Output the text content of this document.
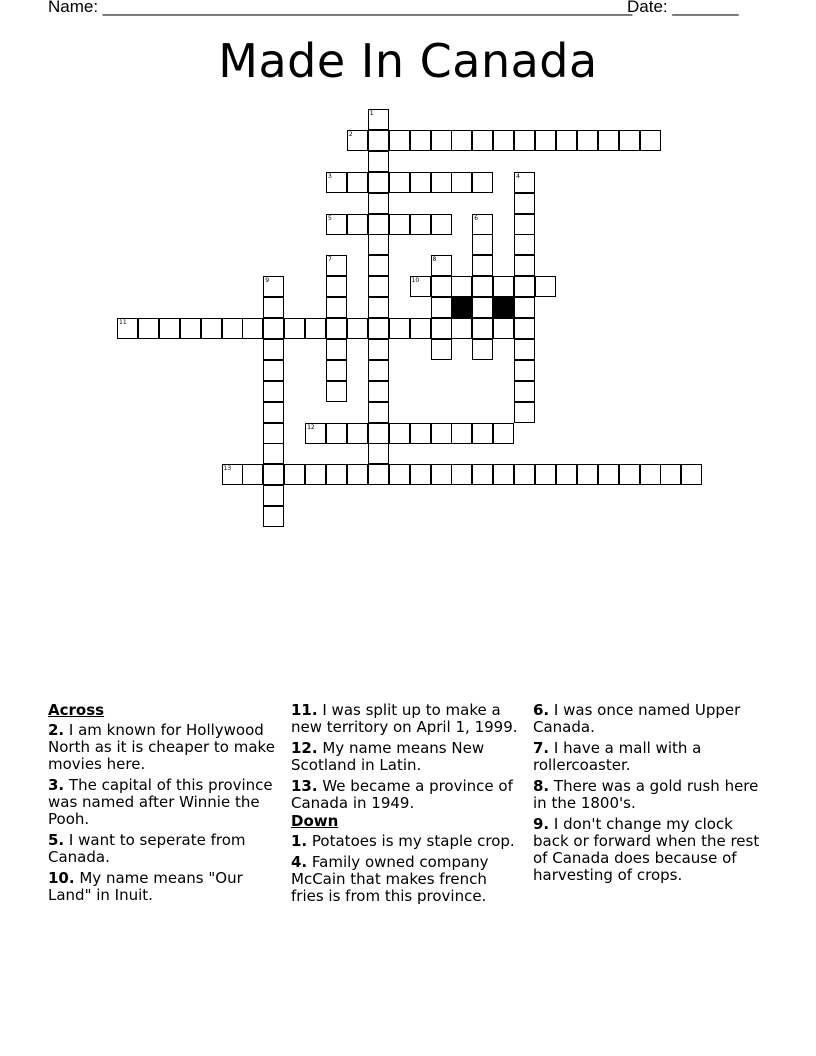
Name: ________________________________________________________
Date: _______
Made In Canada
2
3
5
10
11
12
13
1
4
6
7	8
9
Across
2. I am known for Hollywood North as it is cheaper to make movies here.
3. The capital of this province was named after Winnie the Pooh.
5. I want to seperate from Canada.
10. My name means "Our Land" in Inuit.
11. I was split up to make a new territory on April 1, 1999.
12. My name means New Scotland in Latin.
13. We became a province of Canada in 1949.
Down
1. Potatoes is my staple crop.
4. Family owned company McCain that makes french fries is from this province.
6. I was once named Upper Canada.
7. I have a mall with a rollercoaster.
8. There was a gold rush here in the 1800's.
9. I don't change my clock back or forward when the rest of Canada does because of harvesting of crops.
